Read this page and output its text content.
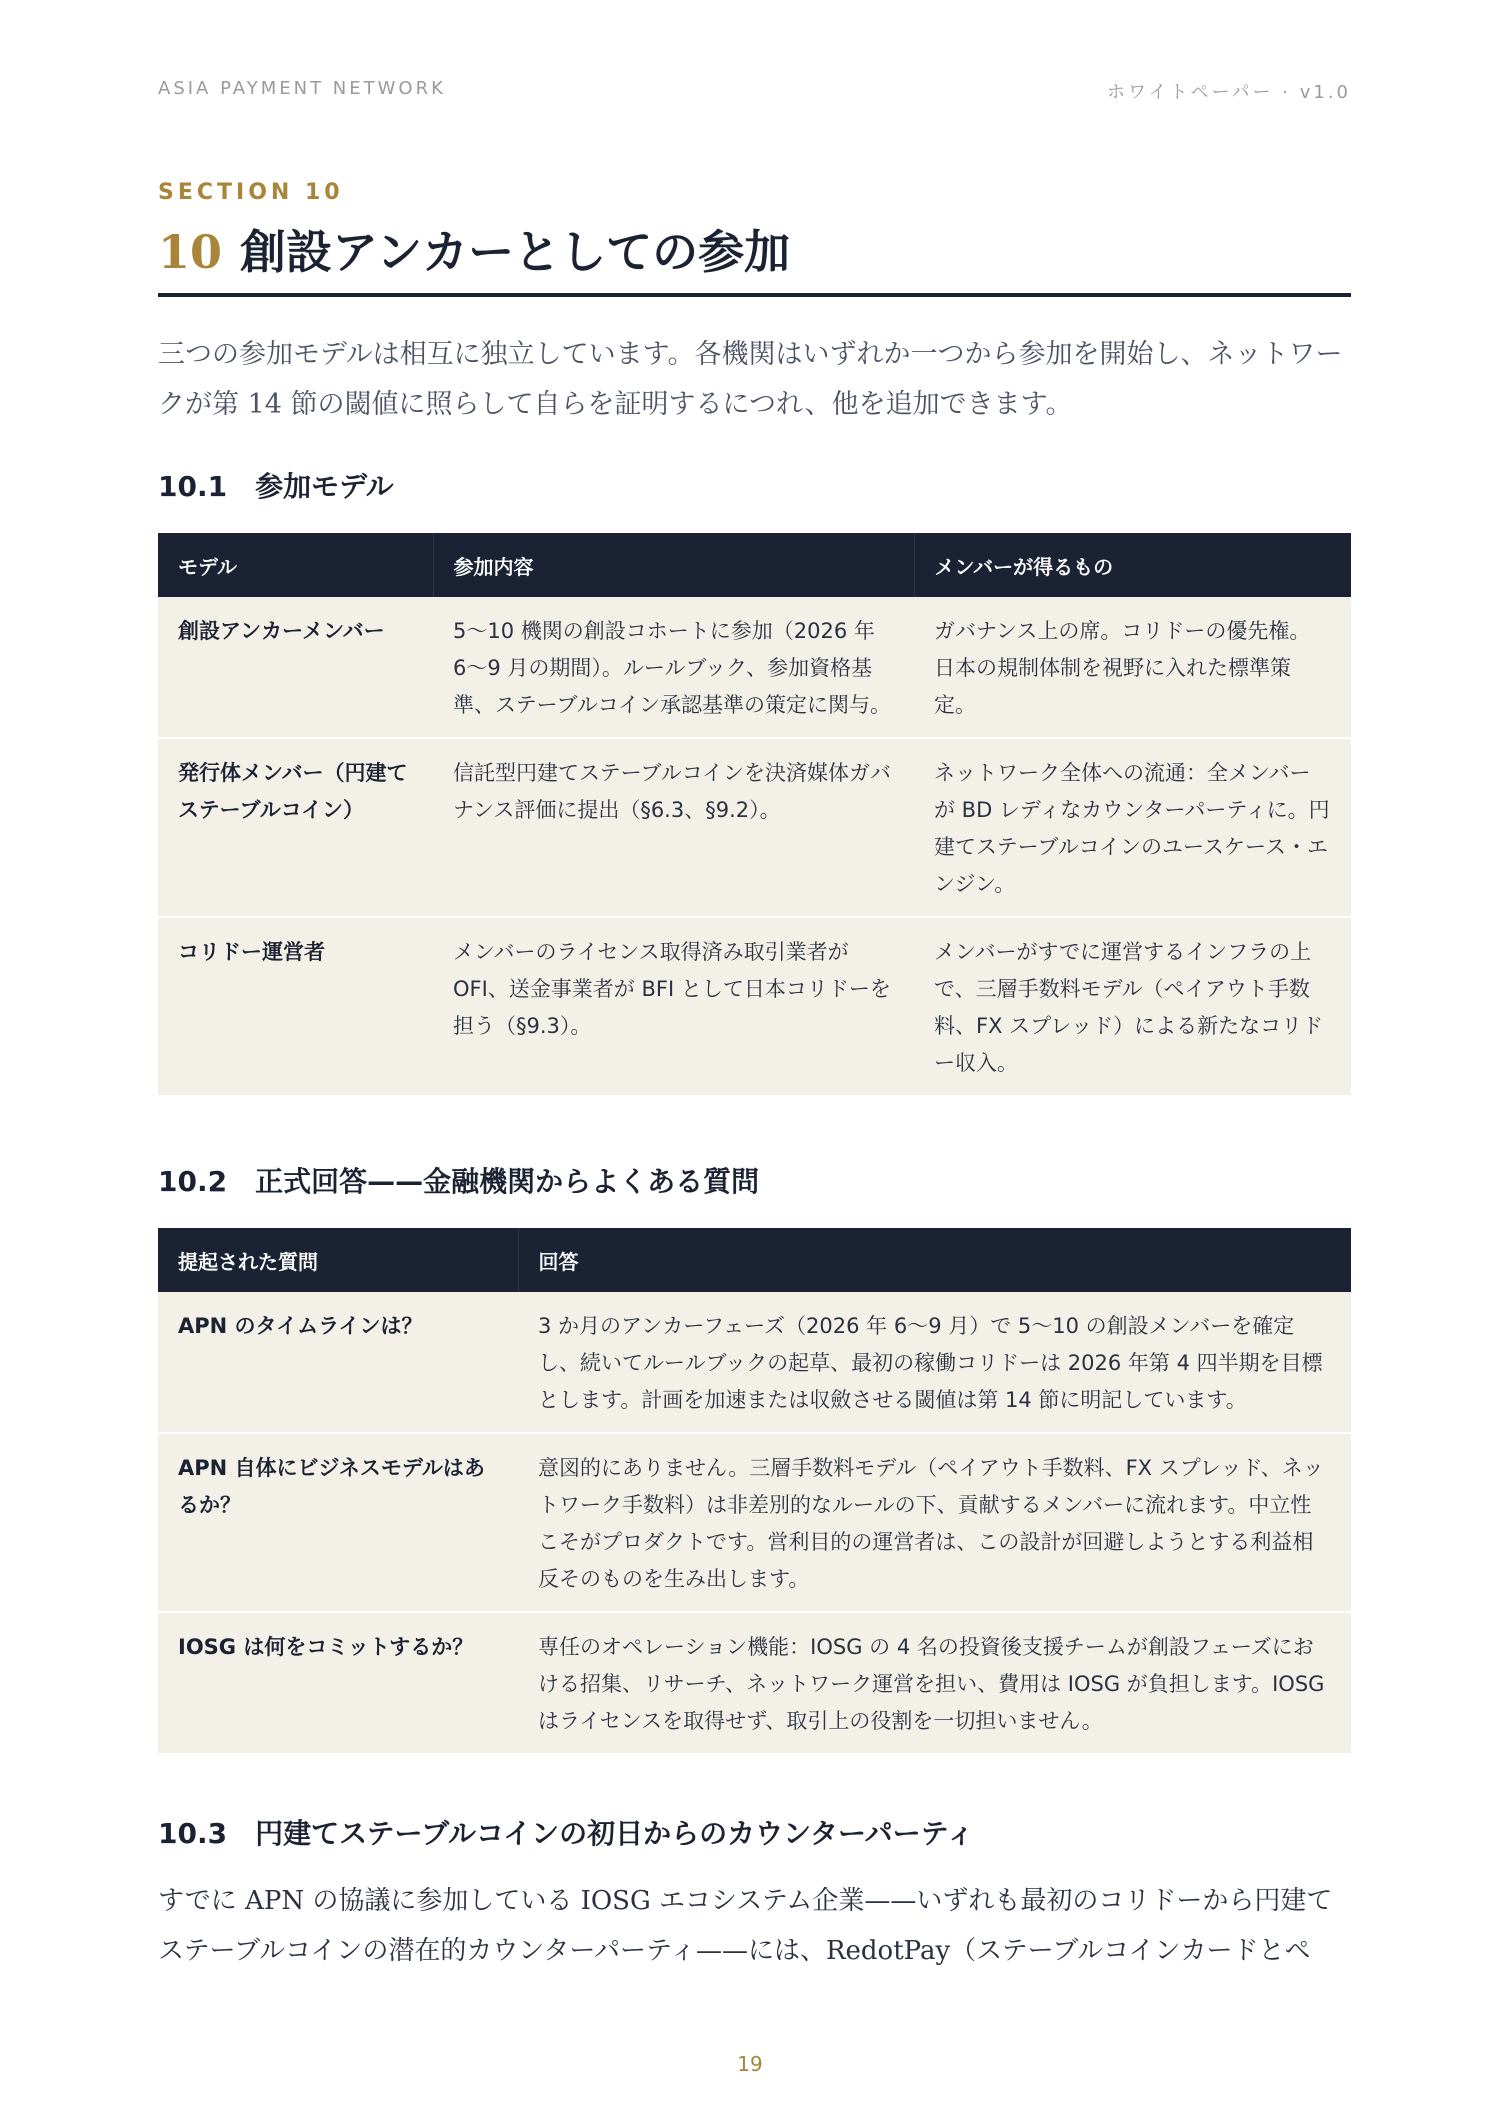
ASIA PAYMENT NETWORK	ホワイトペーパー · v1.0
SECTION 10
10 創設アンカーとしての参加

三つの参加モデルは相互に独立しています。各機関はいずれか一つから参加を開始し、ネットワークが第 14 節の閾値に照らして自らを証明するにつれ、他を追加できます。

10.1　参加モデル
モデル	参加内容	メンバーが得るもの
創設アンカーメンバー	5〜10 機関の創設コホートに参加（2026 年 6〜9 月の期間）。ルールブック、参加資格基準、ステーブルコイン承認基準の策定に関与。	ガバナンス上の席。コリドーの優先権。日本の規制体制を視野に入れた標準策定。
発行体メンバー（円建てステーブルコイン）	信託型円建てステーブルコインを決済媒体ガバナンス評価に提出（§6.3、§9.2）。	ネットワーク全体への流通：全メンバーが BD レディなカウンターパーティに。円建てステーブルコインのユースケース・エンジン。
コリドー運営者	メンバーのライセンス取得済み取引業者が OFI、送金事業者が BFI として日本コリドーを担う（§9.3）。	メンバーがすでに運営するインフラの上で、三層手数料モデル（ペイアウト手数料、FX スプレッド）による新たなコリドー収入。
10.2　正式回答——金融機関からよくある質問
提起された質問	回答
APN のタイムラインは？	3 か月のアンカーフェーズ（2026 年 6〜9 月）で 5〜10 の創設メンバーを確定し、続いてルールブックの起草、最初の稼働コリドーは 2026 年第 4 四半期を目標とします。計画を加速または収斂させる閾値は第 14 節に明記しています。
APN 自体にビジネスモデルはあるか？	意図的にありません。三層手数料モデル（ペイアウト手数料、FX スプレッド、ネットワーク手数料）は非差別的なルールの下、貢献するメンバーに流れます。中立性こそがプロダクトです。営利目的の運営者は、この設計が回避しようとする利益相反そのものを生み出します。
IOSG は何をコミットするか？	専任のオペレーション機能：IOSG の 4 名の投資後支援チームが創設フェーズにおける招集、リサーチ、ネットワーク運営を担い、費用は IOSG が負担します。IOSG はライセンスを取得せず、取引上の役割を一切担いません。
10.3　円建てステーブルコインの初日からのカウンターパーティ

すでに APN の協議に参加している IOSG エコシステム企業——いずれも最初のコリドーから円建てステーブルコインの潜在的カウンターパーティ——には、RedotPay（ステーブルコインカードとペ

19
